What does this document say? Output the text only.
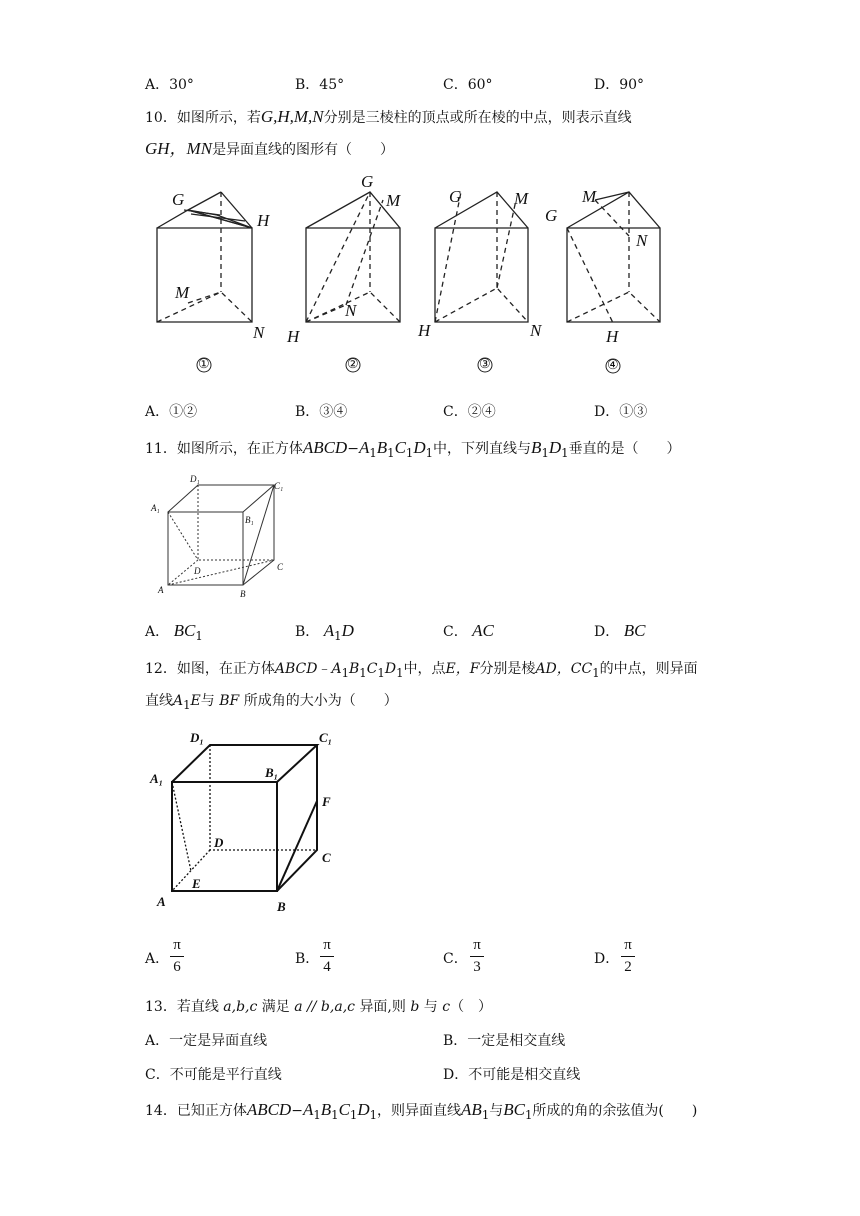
A．30°	B．45°	C．60°	D．90°
10．如图所示，若G,H,M,N分别是三棱柱的顶点或所在棱的中点，则表示直线
GH，MN是异面直线的图形有（　　）
G
H
M
N
G
M
N
H
G	M
H	N
M
G
N
H
①	②	③	④
A．①②	B．③④	C．②④	D．①③
11．如图所示，在正方体$ABCD-A_1B_1C_1D_1$中，下列直线与$B_1D_1$垂直的是（　　）
D₁
C₁
A₁
B₁
D	C
A	B
A． $BC_1$	B． $A_1D$	C． AC	D． BC
12．如图，在正方体$ABCD﹣A_1B_1C_1D_1$中，点E，F分别是棱AD，$CC_1$的中点，则异面
直线$A_1E$与 BF 所成角的大小为（　　）
D₁	C₁
A₁	B₁
F
D
C
E
A	B
A．
π
6	B．
π
4	C．
π
3	D．
π
2
13．若直线 a,b,c 满足 a // b,a,c 异面,则 b 与 c（　）
A．一定是异面直线	B．一定是相交直线
C．不可能是平行直线	D．不可能是相交直线
14．已知正方体$ABCD-A_1B_1C_1D_1$，则异面直线$AB_1$与$BC_1$所成的角的余弦值为(　　)
